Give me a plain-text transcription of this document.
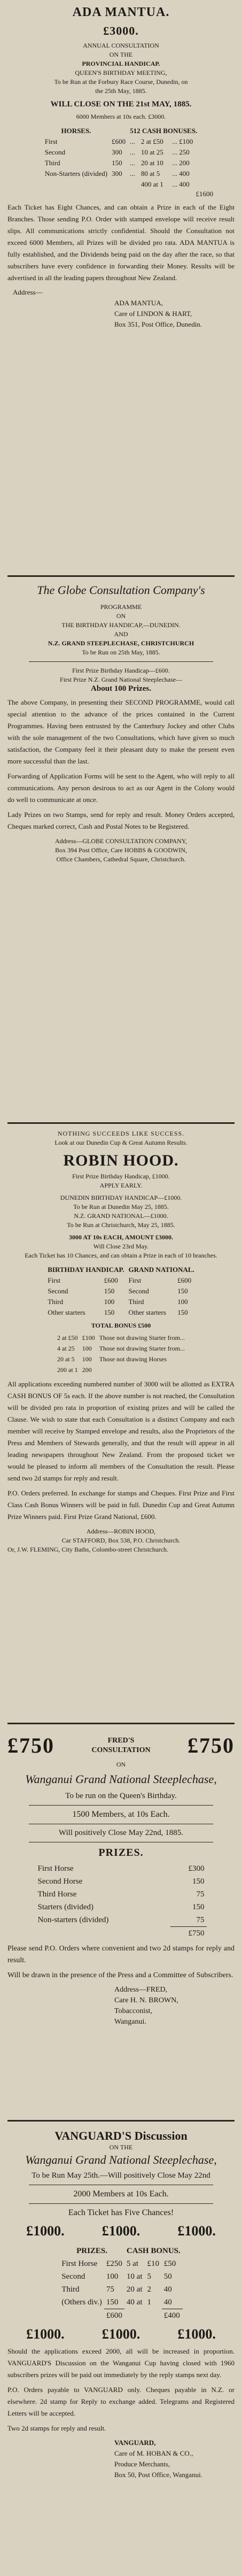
ADA MANTUA.
£3000.
ANNUAL CONSULTATION
ON THE
PROVINCIAL HANDICAP.
QUEEN'S BIRTHDAY MEETING,
To be Run at the Forbury Race Course, Dunedin, on
the 25th May, 1885.
WILL CLOSE ON THE 21st MAY, 1885.
6000 Members at 10s each. £3000.
HORSES.		512 CASH BONUSES.		
First	£600	...	2 at £50	... £100
Second	300	...	10 at 25	... 250
Third	150	...	20 at 10	... 200
Non-Starters (divided)	300	...	80 at 5	... 400
			400 at 1	... 400
£1600
Each Ticket has Eight Chances, and can obtain a Prize in each of the Eight Branches. Those sending P.O. Order with stamped envelope will receive result slips. All communications strictly confidential. Should the Consultation not exceed 6000 Members, all Prizes will be divided pro rata. ADA MANTUA is fully established, and the Dividends being paid on the day after the race, so that subscribers have every confidence in forwarding their Money. Results will be advertised in all the leading papers throughout New Zealand.
Address—
ADA MANTUA,
Care of LINDON & HART,
Box 351, Post Office, Dunedin.
The Globe Consultation Company's
PROGRAMME
ON
THE BIRTHDAY HANDICAP,—DUNEDIN.
AND
N.Z. GRAND STEEPLECHASE, CHRISTCHURCH
To be Run on 25th May, 1885.
First Prize Birthday Handicap—£600.
First Prize N.Z. Grand National Steeplechase—
About 100 Prizes.
The above Company, in presenting their SECOND PROGRAMME, would call special attention to the advance of the prices contained in the Current Programmes. Having been entrusted by the Canterbury Jockey and other Clubs with the sole management of the two Consultations, which have given so much satisfaction, the Company feel it their pleasant duty to make the present even more successful than the last.
Forwarding of Application Forms will be sent to the Agent, who will reply to all communications. Any person desirous to act as our Agent in the Colony would do well to communicate at once.
Lady Prizes on two Stamps, send for reply and result. Money Orders accepted, Cheques marked correct, Cash and Postal Notes to be Registered.
Address—GLOBE CONSULTATION COMPANY,
Box 394 Post Office, Care HOBBS & GOODWIN,
Office Chambers, Cathedral Square, Christchurch.
NOTHING SUCCEEDS LIKE SUCCESS.
Look at our Dunedin Cup & Great Autumn Results.
ROBIN HOOD.
First Prize Birthday Handicap, £1000.
APPLY EARLY.
DUNEDIN BIRTHDAY HANDICAP—£1000.
To be Run at Dunedin May 25, 1885.
N.Z. GRAND NATIONAL—£1000.
To be Run at Christchurch, May 25, 1885.
3000 AT 10s EACH, AMOUNT £3000.
Will Close 23rd May.
Each Ticket has 10 Chances, and can obtain a Prize in each of 10 branches.
BIRTHDAY HANDICAP.		GRAND NATIONAL.	
First	£600	First	£600
Second	150	Second	150
Third	100	Third	100
Other starters	150	Other starters	150
TOTAL BONUS £500
2 at £50	£100	Those not drawing Starter from...
4 at 25	100	Those not drawing Starter from...
20 at 5	100	Those not drawing Horses
200 at 1	200	
All applications exceeding numbered number of 3000 will be allotted as EXTRA CASH BONUS OF 5s each. If the above number is not reached, the Consultation will be divided pro rata in proportion of existing prizes and will be called the Clause. We wish to state that each Consultation is a distinct Company and each member will receive by Stamped envelope and results, also the Proprietors of the Press and Members of Stewards generally, and that the result will appear in all leading newspapers throughout New Zealand. From the proposed ticket we would be pleased to inform all members of the Consultation the result. Please send two 2d stamps for reply and result.
P.O. Orders preferred. In exchange for stamps and Cheques. First Prize and First Class Cash Bonus Winners will be paid in full. Dunedin Cup and Great Autumn Prize Winners paid. First Prize Grand National, £600.
Address—ROBIN HOOD,
Car STAFFORD, Box 538, P.O. Christchurch.
Or, J.W. FLEMING, City Baths, Colombo-street Christchurch.
£750	FRED'S CONSULTATION	£750
ON
Wanganui Grand National Steeplechase,
To be run on the Queen's Birthday.
1500 Members, at 10s Each.
Will positively Close May 22nd, 1885.
PRIZES.
First Horse	£300
Second Horse	150
Third Horse	75
Starters (divided)	150
Non-starters (divided)	75
	£750
Please send P.O. Orders where convenient and two 2d stamps for reply and result.
Will be drawn in the presence of the Press and a Committee of Subscribers.
Address—FRED,
Care H. N. BROWN,
Tobacconist,
Wanganui.
VANGUARD'S Discussion
ON THE
Wanganui Grand National Steeplechase,
To be Run May 25th.—Will positively Close May 22nd
2000 Members at 10s Each.
Each Ticket has Five Chances!
£1000.	£1000.	£1000.
PRIZES.		CASH BONUS.		
First Horse	£250	5 at	£10	£50
Second	100	10 at	5	50
Third	75	20 at	2	40
(Others div.)	150	40 at	1	40
	£600			£400
£1000.	£1000.	£1000.
Should the applications exceed 2000, all will be increased in proportion. VANGUARD'S Discussion on the Wanganui Cup having closed with 1960 subscribers prizes will be paid out immediately by the reply stamps next day.
P.O. Orders payable to VANGUARD only. Cheques payable in N.Z. or elsewhere. 2d stamp for Reply to exchange added. Telegrams and Registered Letters will be accepted.
Two 2d stamps for reply and result.
VANGUARD,
Care of M. HOBAN & CO.,
Produce Merchants,
Box 50, Post Office, Wanganui.
